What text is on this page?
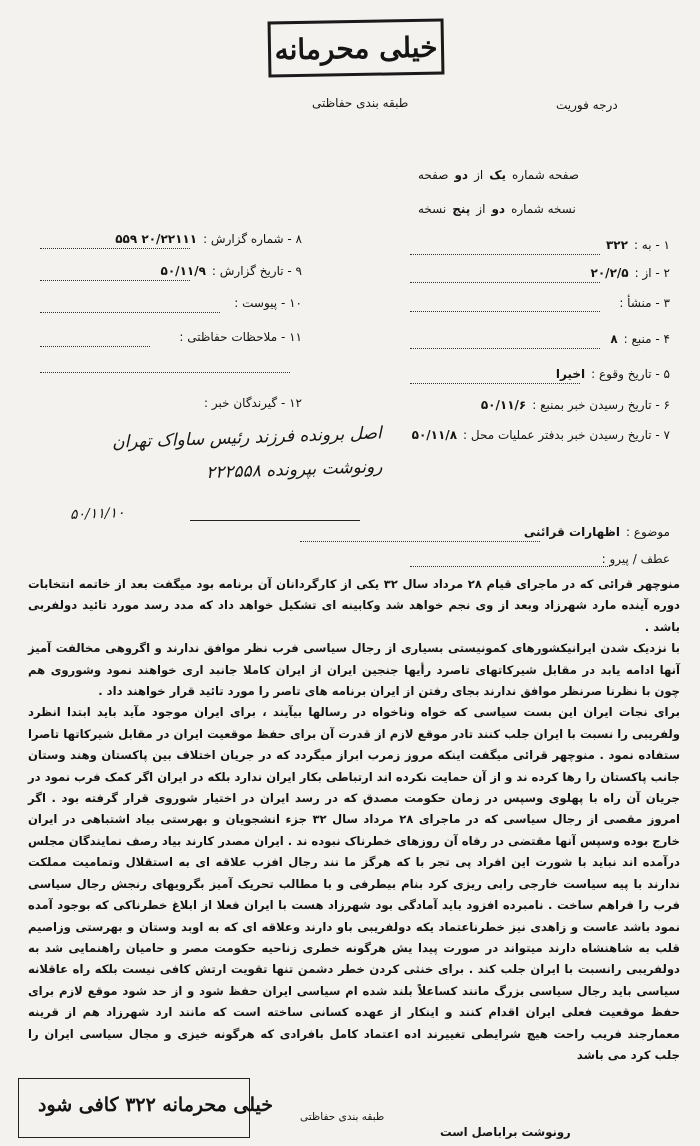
خیلی محرمانه
طبقه بندی حفاظتی	درجه فوریت
صفحه شماره
یک
از
دو
صفحه
نسخه شماره
دو
از
پنج
نسخه
۱ - به :
۳۲۲
۲ - از :
۲۰/۲/۵
۳ - منشأ :
۴ - منبع :
۸
۵ - تاریخ وقوع :
اخیرا
۶ - تاریخ رسیدن خبر بمنبع :
۵۰/۱۱/۶
۷ - تاریخ رسیدن خبر بدفتر عملیات محل :
۵۰/۱۱/۸
۸ - شماره گزارش :
۲۰/۲۲۱۱۱ ۵۵۹
۹ - تاریخ گزارش :
۵۰/۱۱/۹
۱۰ - پیوست :
۱۱ - ملاحظات حفاظتی :
۱۲ - گیرندگان خبر :
اصل برونده فرزند رئیس ساواک تهران
رونوشت بپرونده ۲۲۲۵۵۸
۵۰/۱۱/۱۰
موضوع :
اظهارات قرائنی
عطف / پیرو :

منوچهر قرائی که در ماجرای قیام ۲۸ مرداد سال ۳۲ یکی از کارگردانان آن برنامه بود میگفت بعد از خاتمه انتخابات دوره آینده مارد شهرزاد وبعد از وی نجم خواهد شد وکابینه ای تشکیل خواهد داد که مدد رسد مورد تائید دولفربی باشد .

با نزدیک شدن ایرانیکشورهای کمونیستی بسیاری از رجال سیاسی فرب نظر موافق ندارند و اگروهی مخالفت آمیز آنها ادامه یابد در مقابل شیرکاتهای تاصرد رأیها جنجین ایران از ایران کاملا جانبد اری خواهند نمود وشوروی هم چون با نظرنا صرنظر موافق ندارند بجای رفتن از ایران برنامه های تاصر را مورد تائید قرار خواهند داد .

برای نجات ایران این بست سیاسی که خواه وناخواه در رسالها بیآیند ، برای ایران موجود مآید باید ابتدا انظرد ولفریبی را نسبت با ایران جلب کنند تادر موقع لازم از قدرت آن برای حفظ موقعیت ایران در مقابل شیرکاتها تاصرا ستفاده نمود . منوچهر قرائی میگفت اینکه مروز زمرب ابراز میگردد که در جریان اختلاف بین پاکستان وهند وستان جانب پاکستان را رها کرده ند و از آن حمایت نکرده اند ارتباطی بکار ایران ندارد بلکه در ایران اگر کمک فرب نمود در جریان آن راه با پهلوی وسپس در زمان حکومت مصدق که در رسد ایران در اختیار شوروی قرار گرفته بود . اگر امروز مقصی از رجال سیاسی که در ماجرای ۲۸ مرداد سال ۳۲ جزء انشجویان و بهرستی بیاد اشتباهی در ایران خارج بوده وسپس آنها مقتضی در رفاه آن روزهای خطرناک نبوده ند . ایران مصدر کارند بیاد رصف نمایندگان مجلس درآمده اند نباید با شورت این افراد پی تجر با که هرگز ما نند رجال افزب علاقه ای به استقلال وتمامیت مملکت ندارند با پیه سیاست خارجی رابی ریزی کرد بنام بیطرفی و با مطالب تحریک آمیز بگرویهای رنجش رجال سیاسی فرب را فراهم ساخت . نامبرده افزود باید آمادگی بود شهرزاد هست با ایران فعلا از ابلاغ خطرناکی که بوجود آمده نمود باشد عاست و زاهدی نیز خطرناعتماد یکه دولفریبی باو دارند وعلاقه ای که به اوبد وستان و بهرستی وزاصیم قلب به شاهنشاه دارند میتواند در صورت پیدا یش هرگونه خطری زناحیه حکومت مصر و حامیان راهنمایی شد به دولفریبی رانسبت با ایران جلب کند . برای خنثی کردن خطر دشمن تنها تقویت ارتش کافی نیست بلکه راه عاقلانه سیاسی باید رجال سیاسی بزرگ مانند کساعلاً بلند شده ام سیاسی ایران حفظ شود و از حد شود موقع لازم برای حفظ موقعیت فعلی ایران اقدام کنند و اینکار از عهده کسانی ساخته است که مانند ارد شهرزاد هم از قرینه معمارجند فریب راحت هیچ شرایطی تغییرند اده اعتماد کامل بافرادی که هرگونه خیزی و مجال سیاسی ایران را جلب کرد می باشد

خیلی محرمانه ۳۲۲ کافی شود
طبقه بندی حفاظتی
رونوشت براباصل است
